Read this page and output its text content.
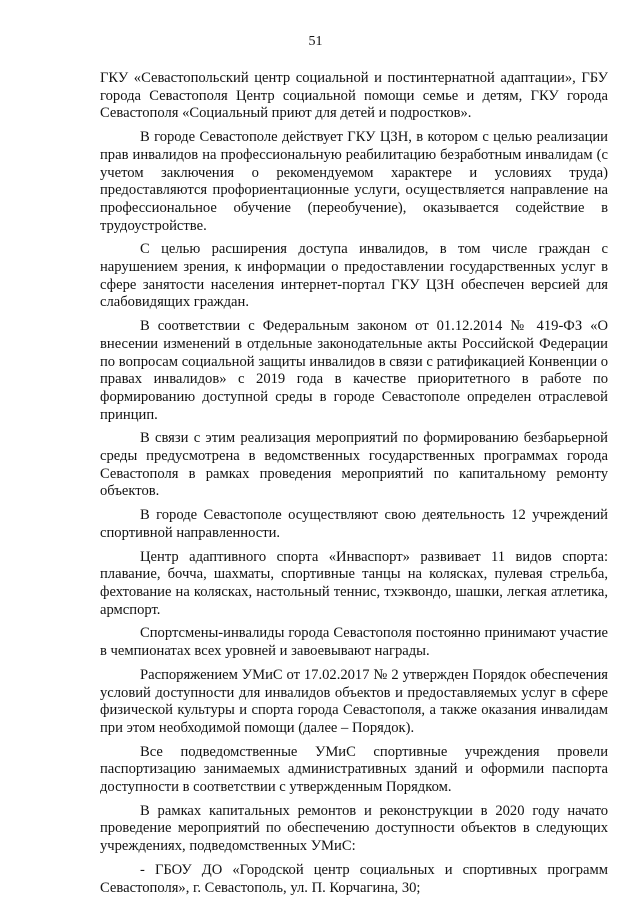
51

ГКУ «Севастопольский центр социальной и постинтернатной адаптации», ГБУ города Севастополя Центр социальной помощи семье и детям, ГКУ города Севастополя «Социальный приют для детей и подростков».

В городе Севастополе действует ГКУ ЦЗН, в котором с целью реализации прав инвалидов на профессиональную реабилитацию безработным инвалидам (с учетом заключения о рекомендуемом характере и условиях труда) предоставляются профориентационные услуги, осуществляется направление на профессиональное обучение (переобучение), оказывается содействие в трудоустройстве.

С целью расширения доступа инвалидов, в том числе граждан с нарушением зрения, к информации о предоставлении государственных услуг в сфере занятости населения интернет-портал ГКУ ЦЗН обеспечен версией для слабовидящих граждан.

В соответствии с Федеральным законом от 01.12.2014 № 419-ФЗ «О внесении изменений в отдельные законодательные акты Российской Федерации по вопросам социальной защиты инвалидов в связи с ратификацией Конвенции о правах инвалидов» с 2019 года в качестве приоритетного в работе по формированию доступной среды в городе Севастополе определен отраслевой принцип.

В связи с этим реализация мероприятий по формированию безбарьерной среды предусмотрена в ведомственных государственных программах города Севастополя в рамках проведения мероприятий по капитальному ремонту объектов.

В городе Севастополе осуществляют свою деятельность 12 учреждений спортивной направленности.

Центр адаптивного спорта «Инваспорт» развивает 11 видов спорта: плавание, бочча, шахматы, спортивные танцы на колясках, пулевая стрельба, фехтование на колясках, настольный теннис, тхэквондо, шашки, легкая атлетика, армспорт.

Спортсмены-инвалиды города Севастополя постоянно принимают участие в чемпионатах всех уровней и завоевывают награды.

Распоряжением УМиС от 17.02.2017 № 2 утвержден Порядок обеспечения условий доступности для инвалидов объектов и предоставляемых услуг в сфере физической культуры и спорта города Севастополя, а также оказания инвалидам при этом необходимой помощи (далее – Порядок).

Все подведомственные УМиС спортивные учреждения провели паспортизацию занимаемых административных зданий и оформили паспорта доступности в соответствии с утвержденным Порядком.

В рамках капитальных ремонтов и реконструкции в 2020 году начато проведение мероприятий по обеспечению доступности объектов в следующих учреждениях, подведомственных УМиС:

- ГБОУ ДО «Городской центр социальных и спортивных программ Севастополя», г. Севастополь, ул. П. Корчагина, 30;
